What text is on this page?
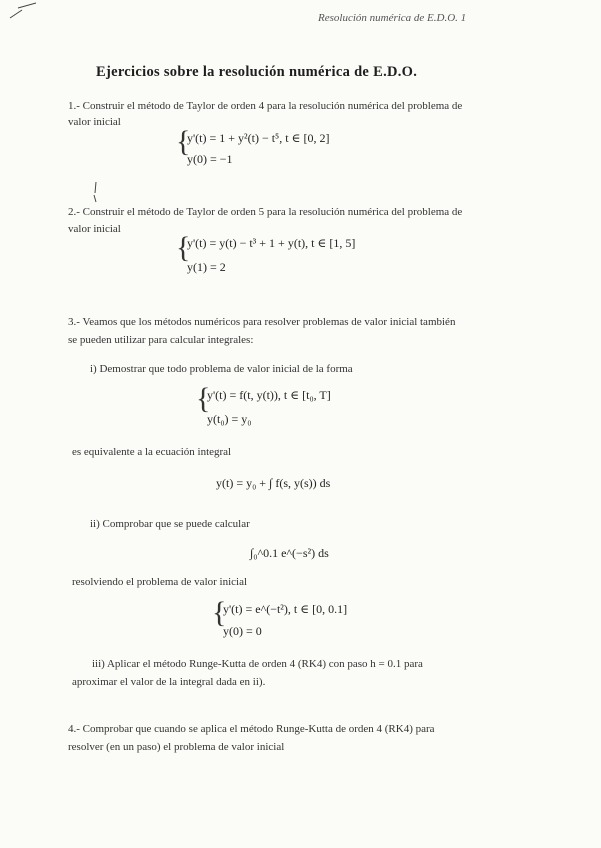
Resolución numérica de E.D.O. 1
Ejercicios sobre la resolución numérica de E.D.O.
1.- Construir el método de Taylor de orden 4 para la resolución numérica del problema de
valor inicial
{
y'(t) = 1 + y²(t) − t⁵, t ∈ [0, 2]
y(0) = −1
2.- Construir el método de Taylor de orden 5 para la resolución numérica del problema de
valor inicial
{
y'(t) = y(t) − t³ + 1 + y(t), t ∈ [1, 5]
y(1) = 2
3.- Veamos que los métodos numéricos para resolver problemas de valor inicial también
se pueden utilizar para calcular integrales:
i) Demostrar que todo problema de valor inicial de la forma
{
y'(t) = f(t, y(t)), t ∈ [t₀, T]
y(t₀) = y₀
es equivalente a la ecuación integral
y(t) = y₀ + ∫ f(s, y(s)) ds
ii) Comprobar que se puede calcular
∫₀^0.1 e^(−s²) ds
resolviendo el problema de valor inicial
{
y'(t) = e^(−t²), t ∈ [0, 0.1]
y(0) = 0
iii) Aplicar el método Runge-Kutta de orden 4 (RK4) con paso h = 0.1 para
aproximar el valor de la integral dada en ii).
4.- Comprobar que cuando se aplica el método Runge-Kutta de orden 4 (RK4) para
resolver (en un paso) el problema de valor inicial
